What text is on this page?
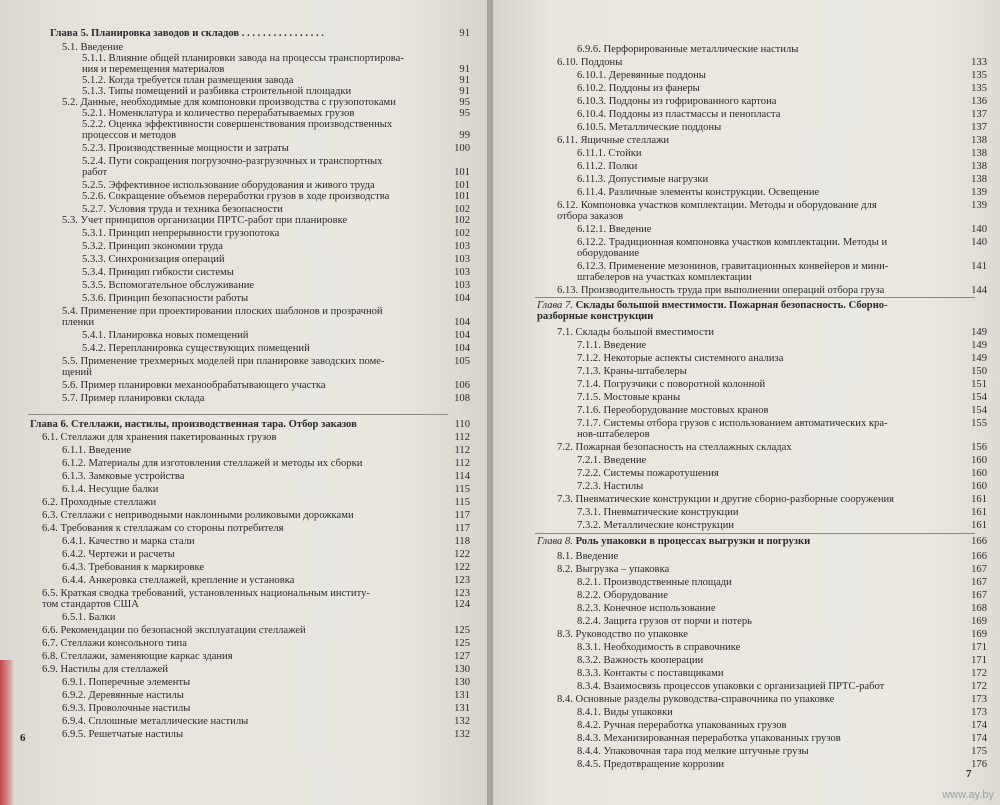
Глава 5. Планировка заводов и складов . . . . . . . . . . . . . . . .	91
5.1. Введение
5.1.1. Влияние общей планировки завода на процессы транспортирова-
ния и перемещения материалов	91
5.1.2. Когда требуется план размещения завода	91
5.1.3. Типы помещений и разбивка строительной площадки	91
5.2. Данные, необходимые для компоновки производства с грузопотоками	95
5.2.1. Номенклатура и количество перерабатываемых грузов	95
5.2.2. Оценка эффективности совершенствования производственных
процессов и методов	99
5.2.3. Производственные мощности и затраты	100
5.2.4. Пути сокращения погрузочно-разгрузочных и транспортных
работ	101
5.2.5. Эффективное использование оборудования и живого труда	101
5.2.6. Сокращение объемов переработки грузов в ходе производства	101
5.2.7. Условия труда и техника безопасности	102
5.3. Учет принципов организации ПРТС-работ при планировке	102
5.3.1. Принцип непрерывности грузопотока	102
5.3.2. Принцип экономии труда	103
5.3.3. Синхронизация операций	103
5.3.4. Принцип гибкости системы	103
5.3.5. Вспомогательное обслуживание	103
5.3.6. Принцип безопасности работы	104
5.4. Применение при проектировании плоских шаблонов и прозрачной
пленки	104
5.4.1. Планировка новых помещений	104
5.4.2. Перепланировка существующих помещений	104
5.5. Применение трехмерных моделей при планировке заводских поме-	105
щений
5.6. Пример планировки механообрабатывающего участка	106
5.7. Пример планировки склада	108
Глава 6. Стеллажи, настилы, производственная тара. Отбор заказов	110
6.1. Стеллажи для хранения пакетированных грузов	112
6.1.1. Введение	112
6.1.2. Материалы для изготовления стеллажей и методы их сборки	112
6.1.3. Замковые устройства	114
6.1.4. Несущие балки	115
6.2. Проходные стеллажи	115
6.3. Стеллажи с неприводными наклонными роликовыми дорожками	117
6.4. Требования к стеллажам со стороны потребителя	117
6.4.1. Качество и марка стали	118
6.4.2. Чертежи и расчеты	122
6.4.3. Требования к маркировке	122
6.4.4. Анкеровка стеллажей, крепление и установка	123
6.5. Краткая сводка требований, установленных национальным институ-	123
том стандартов США	124
6.5.1. Балки
6.6. Рекомендации по безопасной эксплуатации стеллажей	125
6.7. Стеллажи консольного типа	125
6.8. Стеллажи, заменяющие каркас здания	127
6.9. Настилы для стеллажей	130
6.9.1. Поперечные элементы	130
6.9.2. Деревянные настилы	131
6.9.3. Проволочные настилы	131
6.9.4. Сплошные металлические настилы	132
6.9.5. Решетчатые настилы	132
6
6.9.6. Перфорированные металлические настилы
6.10. Поддоны	133
6.10.1. Деревянные поддоны	135
6.10.2. Поддоны из фанеры	135
6.10.3. Поддоны из гофрированного картона	136
6.10.4. Поддоны из пластмассы и пенопласта	137
6.10.5. Металлические поддоны	137
6.11. Ящичные стеллажи	138
6.11.1. Стойки	138
6.11.2. Полки	138
6.11.3. Допустимые нагрузки	138
6.11.4. Различные элементы конструкции. Освещение	139
6.12. Компоновка участков комплектации. Методы и оборудование для	139
отбора заказов
6.12.1. Введение	140
6.12.2. Традиционная компоновка участков комплектации. Методы и	140
оборудование
6.12.3. Применение мезонинов, гравитационных конвейеров и мини-	141
штабелеров на участках комплектации
6.13. Производительность труда при выполнении операций отбора груза	144
Глава 7. Склады большой вместимости. Пожарная безопасность. Сборно-
разборные конструкции
7.1. Склады большой вместимости	149
7.1.1. Введение	149
7.1.2. Некоторые аспекты системного анализа	149
7.1.3. Краны-штабелеры	150
7.1.4. Погрузчики с поворотной колонной	151
7.1.5. Мостовые краны	154
7.1.6. Переоборудование мостовых кранов	154
7.1.7. Системы отбора грузов с использованием автоматических кра-	155
нов-штабелеров
7.2. Пожарная безопасность на стеллажных складах	156
7.2.1. Введение	160
7.2.2. Системы пожаротушения	160
7.2.3. Настилы	160
7.3. Пневматические конструкции и другие сборно-разборные сооружения	161
7.3.1. Пневматические конструкции	161
7.3.2. Металлические конструкции	161
Глава 8. Роль упаковки в процессах выгрузки и погрузки	166
8.1. Введение	166
8.2. Выгрузка – упаковка	167
8.2.1. Производственные площади	167
8.2.2. Оборудование	167
8.2.3. Конечное использование	168
8.2.4. Защита грузов от порчи и потерь	169
8.3. Руководство по упаковке	169
8.3.1. Необходимость в справочнике	171
8.3.2. Важность кооперации	171
8.3.3. Контакты с поставщиками	172
8.3.4. Взаимосвязь процессов упаковки с организацией ПРТС-работ	172
8.4. Основные разделы руководства-справочника по упаковке	173
8.4.1. Виды упаковки	173
8.4.2. Ручная переработка упакованных грузов	174
8.4.3. Механизированная переработка упакованных грузов	174
8.4.4. Упаковочная тара под мелкие штучные грузы	175
8.4.5. Предотвращение коррозии	176
7
www.ay.by
